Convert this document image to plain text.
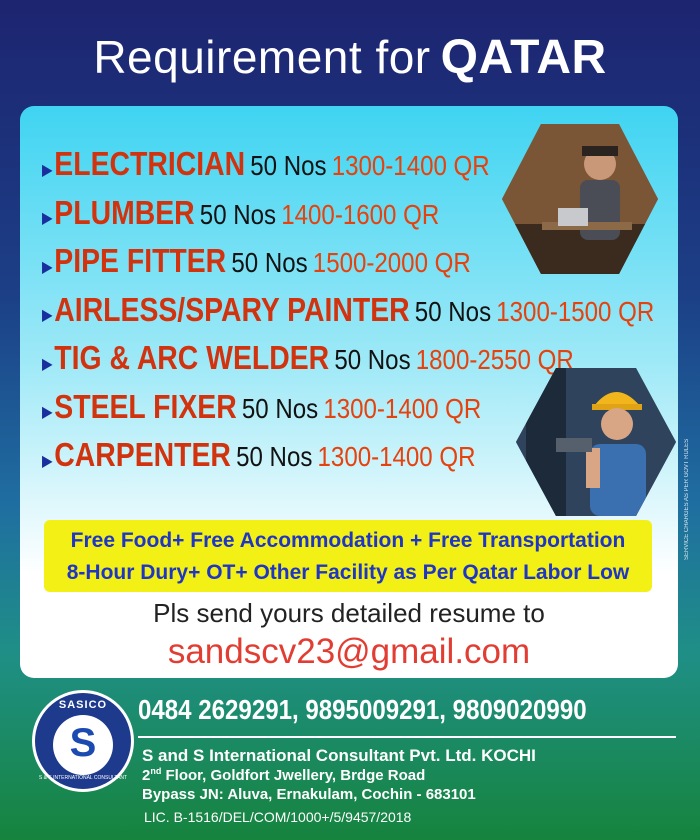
Requirement for QATAR
▶ELECTRICIAN 50 Nos 1300-1400 QR
▶PLUMBER 50 Nos 1400-1600 QR
▶PIPE FITTER 50 Nos 1500-2000 QR
▶AIRLESS/SPARY PAINTER 50 Nos 1300-1500 QR
▶TIG & ARC WELDER 50 Nos 1800-2550 QR
▶STEEL FIXER 50 Nos 1300-1400 QR
▶CARPENTER 50 Nos 1300-1400 QR
Free Food+ Free Accommodation + Free Transportation
8-Hour Dury+ OT+ Other Facility as Per Qatar Labor Low
Pls send yours detailed resume to
sandscv23@gmail.com
SERVICE CHARGES AS PER GOVT RULES
SASICO
S
S & S INTERNATIONAL CONSULTANT
0484 2629291, 9895009291, 9809020990
S and S International Consultant Pvt. Ltd. KOCHI
2nd Floor, Goldfort Jwellery, Brdge Road
Bypass JN: Aluva, Ernakulam, Cochin - 683101
LIC. B-1516/DEL/COM/1000+/5/9457/2018
